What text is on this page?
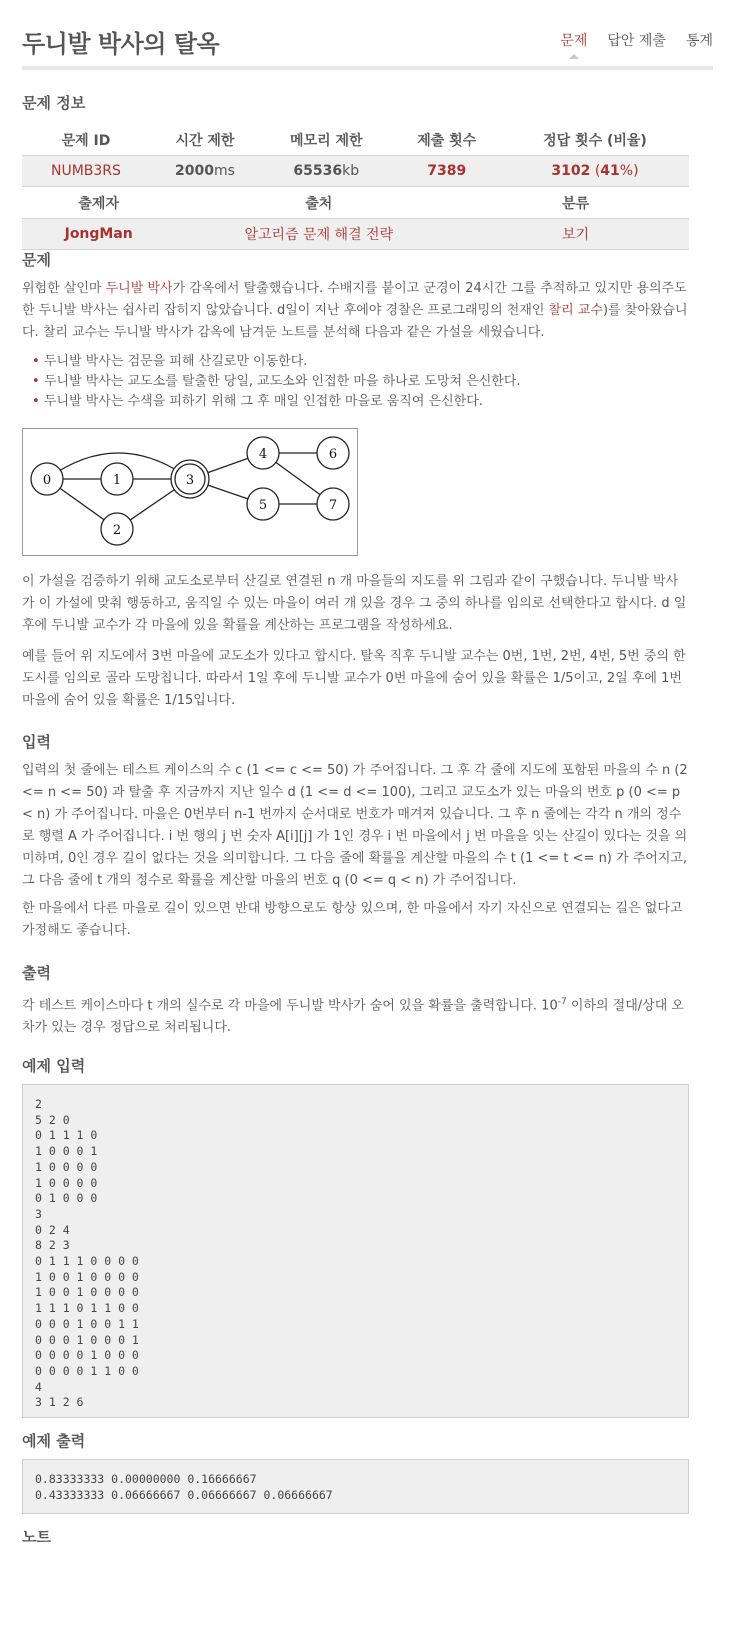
두니발 박사의 탈옥	문제 답안 제출 통계
문제 정보
문제 ID	시간 제한	메모리 제한	제출 횟수	정답 횟수 (비율)
NUMB3RS	2000ms	65536kb	7389	3102 (41%)
출제자	출처	분류
JongMan	알고리즘 문제 해결 전략	보기
문제

위험한 살인마 두니발 박사가 감옥에서 탈출했습니다. 수배지를 붙이고 군경이 24시간 그를 추적하고 있지만 용의주도한 두니발 박사는 쉽사리 잡히지 않았습니다. d일이 지난 후에야 경찰은 프로그래밍의 천재인 찰리 교수)를 찾아왔습니다. 찰리 교수는 두니발 박사가 감옥에 남겨둔 노트를 분석해 다음과 같은 가설을 세웠습니다.

• 두니발 박사는 검문을 피해 산길로만 이동한다.
• 두니발 박사는 교도소를 탈출한 당일, 교도소와 인접한 마을 하나로 도망쳐 은신한다.
• 두니발 박사는 수색을 피하기 위해 그 후 매일 인접한 마을로 움직여 은신한다.
0	1
2
3
4
5
6
7

이 가설을 검증하기 위해 교도소로부터 산길로 연결된 n 개 마을들의 지도를 위 그림과 같이 구했습니다. 두니발 박사가 이 가설에 맞춰 행동하고, 움직일 수 있는 마을이 여러 개 있을 경우 그 중의 하나를 임의로 선택한다고 합시다. d 일 후에 두니발 교수가 각 마을에 있을 확률을 계산하는 프로그램을 작성하세요.

예를 들어 위 지도에서 3번 마을에 교도소가 있다고 합시다. 탈옥 직후 두니발 교수는 0번, 1번, 2번, 4번, 5번 중의 한 도시를 임의로 골라 도망칩니다. 따라서 1일 후에 두니발 교수가 0번 마을에 숨어 있을 확률은 1/5이고, 2일 후에 1번 마을에 숨어 있을 확률은 1/15입니다.

입력

입력의 첫 줄에는 테스트 케이스의 수 c (1 <= c <= 50) 가 주어집니다. 그 후 각 줄에 지도에 포함된 마을의 수 n (2 <= n <= 50) 과 탈출 후 지금까지 지난 일수 d (1 <= d <= 100), 그리고 교도소가 있는 마을의 번호 p (0 <= p < n) 가 주어집니다. 마을은 0번부터 n-1 번까지 순서대로 번호가 매겨져 있습니다. 그 후 n 줄에는 각각 n 개의 정수로 행렬 A 가 주어집니다. i 번 행의 j 번 숫자 A[i][j] 가 1인 경우 i 번 마을에서 j 번 마을을 잇는 산길이 있다는 것을 의미하며, 0인 경우 길이 없다는 것을 의미합니다. 그 다음 줄에 확률을 계산할 마을의 수 t (1 <= t <= n) 가 주어지고, 그 다음 줄에 t 개의 정수로 확률을 계산할 마을의 번호 q (0 <= q < n) 가 주어집니다.

한 마을에서 다른 마을로 길이 있으면 반대 방향으로도 항상 있으며, 한 마을에서 자기 자신으로 연결되는 길은 없다고 가정해도 좋습니다.

출력

각 테스트 케이스마다 t 개의 실수로 각 마을에 두니발 박사가 숨어 있을 확률을 출력합니다. $10^{-7}$ 이하의 절대/상대 오차가 있는 경우 정답으로 처리됩니다.

예제 입력
2
5 2 0
0 1 1 1 0
1 0 0 0 1
1 0 0 0 0
1 0 0 0 0
0 1 0 0 0
3
0 2 4
8 2 3
0 1 1 1 0 0 0 0
1 0 0 1 0 0 0 0
1 0 0 1 0 0 0 0
1 1 1 0 1 1 0 0
0 0 0 1 0 0 1 1
0 0 0 1 0 0 0 1
0 0 0 0 1 0 0 0
0 0 0 0 1 1 0 0
4
3 1 2 6
예제 출력
0.83333333 0.00000000 0.16666667
0.43333333 0.06666667 0.06666667 0.06666667
노트
